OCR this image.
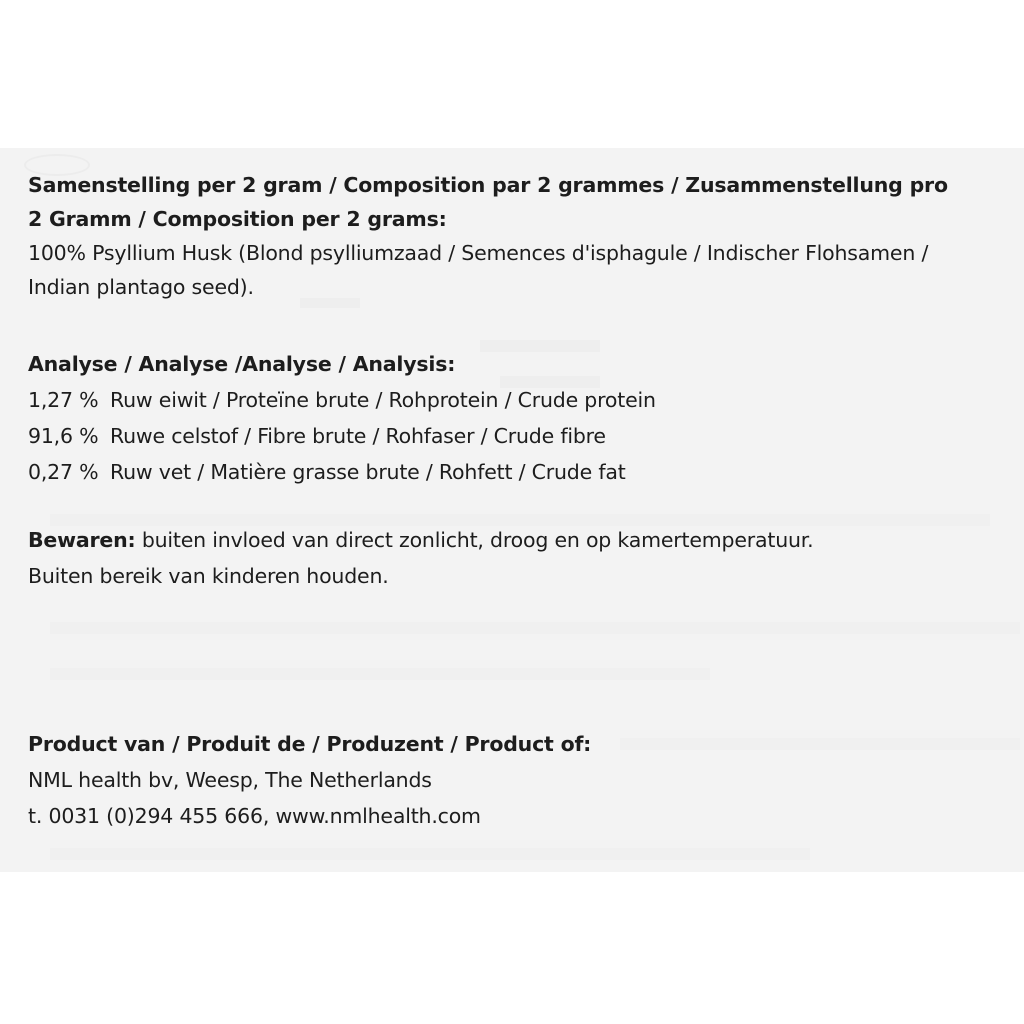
Samenstelling per 2 gram / Composition par 2 grammes / Zusammenstellung pro
2 Gramm / Composition per 2 grams:
100% Psyllium Husk (Blond psylliumzaad / Semences d'isphagule / Indischer Flohsamen /
Indian plantago seed).
Analyse / Analyse /Analyse / Analysis:
1,27 % Ruw eiwit / Proteïne brute / Rohprotein / Crude protein
91,6 % Ruwe celstof / Fibre brute / Rohfaser / Crude fibre
0,27 % Ruw vet / Matière grasse brute / Rohfett / Crude fat
Bewaren: buiten invloed van direct zonlicht, droog en op kamertemperatuur.
Buiten bereik van kinderen houden.
Product van / Produit de / Produzent / Product of:
NML health bv, Weesp, The Netherlands
t. 0031 (0)294 455 666, www.nmlhealth.com
